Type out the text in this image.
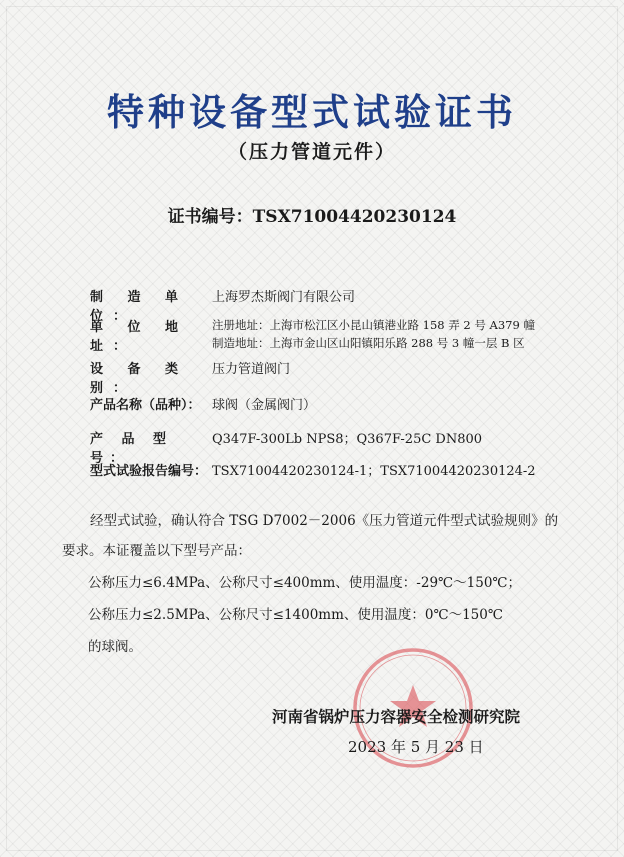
特种设备型式试验证书
（压力管道元件）
证书编号：TSX71004420230124
制 造 单 位：
上海罗杰斯阀门有限公司
单 位 地 址：
注册地址：上海市松江区小昆山镇港业路 158 弄 2 号 A379 幢
制造地址：上海市金山区山阳镇阳乐路 288 号 3 幢一层 B 区
设 备 类 别：
压力管道阀门
产品名称（品种）： 球阀（金属阀门）
产 品 型 号：
Q347F-300Lb NPS8；Q367F-25C DN800
型式试验报告编号： TSX71004420230124-1；TSX71004420230124-2
经型式试验，确认符合 TSG D7002－2006《压力管道元件型式试验规则》的
要求。本证覆盖以下型号产品：
公称压力≤6.4MPa、公称尺寸≤400mm、使用温度：-29℃～150℃；
公称压力≤2.5MPa、公称尺寸≤1400mm、使用温度：0℃～150℃
的球阀。
河南省锅炉压力容器安全检测研究院
2023 年 5 月 23 日
